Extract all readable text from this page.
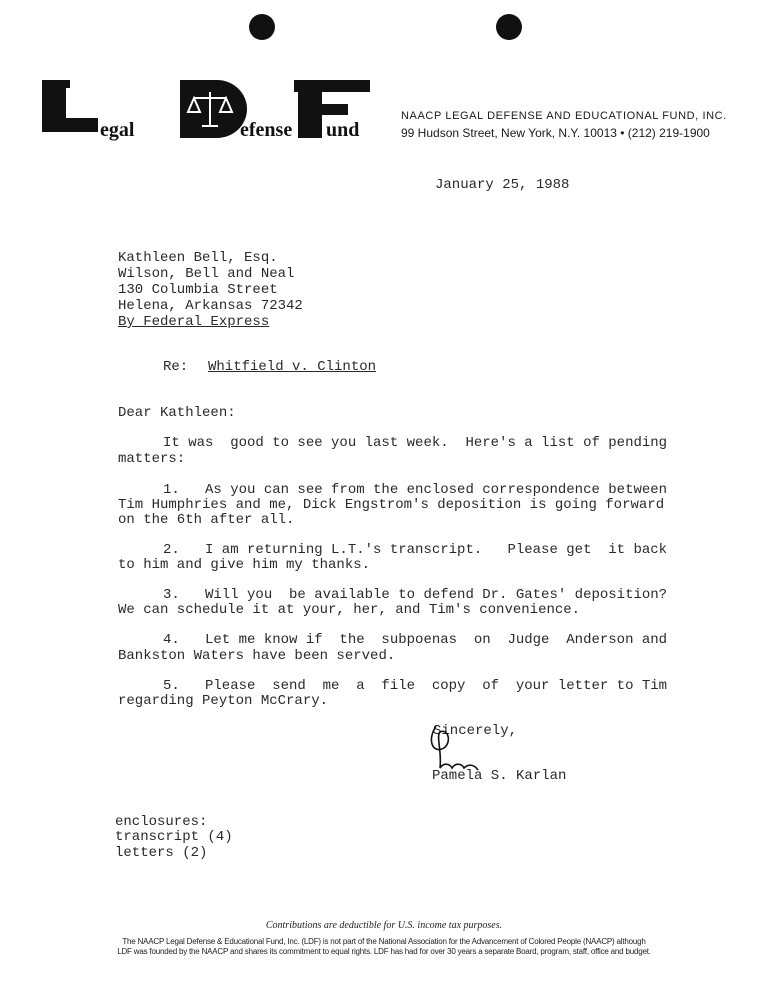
egal	efense und
NAACP LEGAL DEFENSE AND EDUCATIONAL FUND, INC.
99 Hudson Street, New York, N.Y. 10013 • (212) 219-1900
January 25, 1988
Kathleen Bell, Esq.
Wilson, Bell and Neal
130 Columbia Street
Helena, Arkansas 72342
By Federal Express
Re: Whitfield v. Clinton
Dear Kathleen:
It was  good to see you last week.  Here's a list of pending
matters:
1.   As you can see from the enclosed correspondence between
Tim Humphries and me, Dick Engstrom's deposition is going forward
on the 6th after all.
2.   I am returning L.T.'s transcript.   Please get  it back
to him and give him my thanks.
3.   Will you  be available to defend Dr. Gates' deposition?
We can schedule it at your, her, and Tim's convenience.
4.   Let me know if  the  subpoenas  on  Judge  Anderson and
Bankston Waters have been served.
5.   Please  send  me  a  file  copy  of  your letter to Tim
regarding Peyton McCrary.
Sincerely,
Pamela S. Karlan
enclosures:
transcript (4)
letters (2)
Contributions are deductible for U.S. income tax purposes.
The NAACP Legal Defense & Educational Fund, Inc. (LDF) is not part of the National Association for the Advancement of Colored People (NAACP) although
LDF was founded by the NAACP and shares its commitment to equal rights. LDF has had for over 30 years a separate Board, program, staff, office and budget.
